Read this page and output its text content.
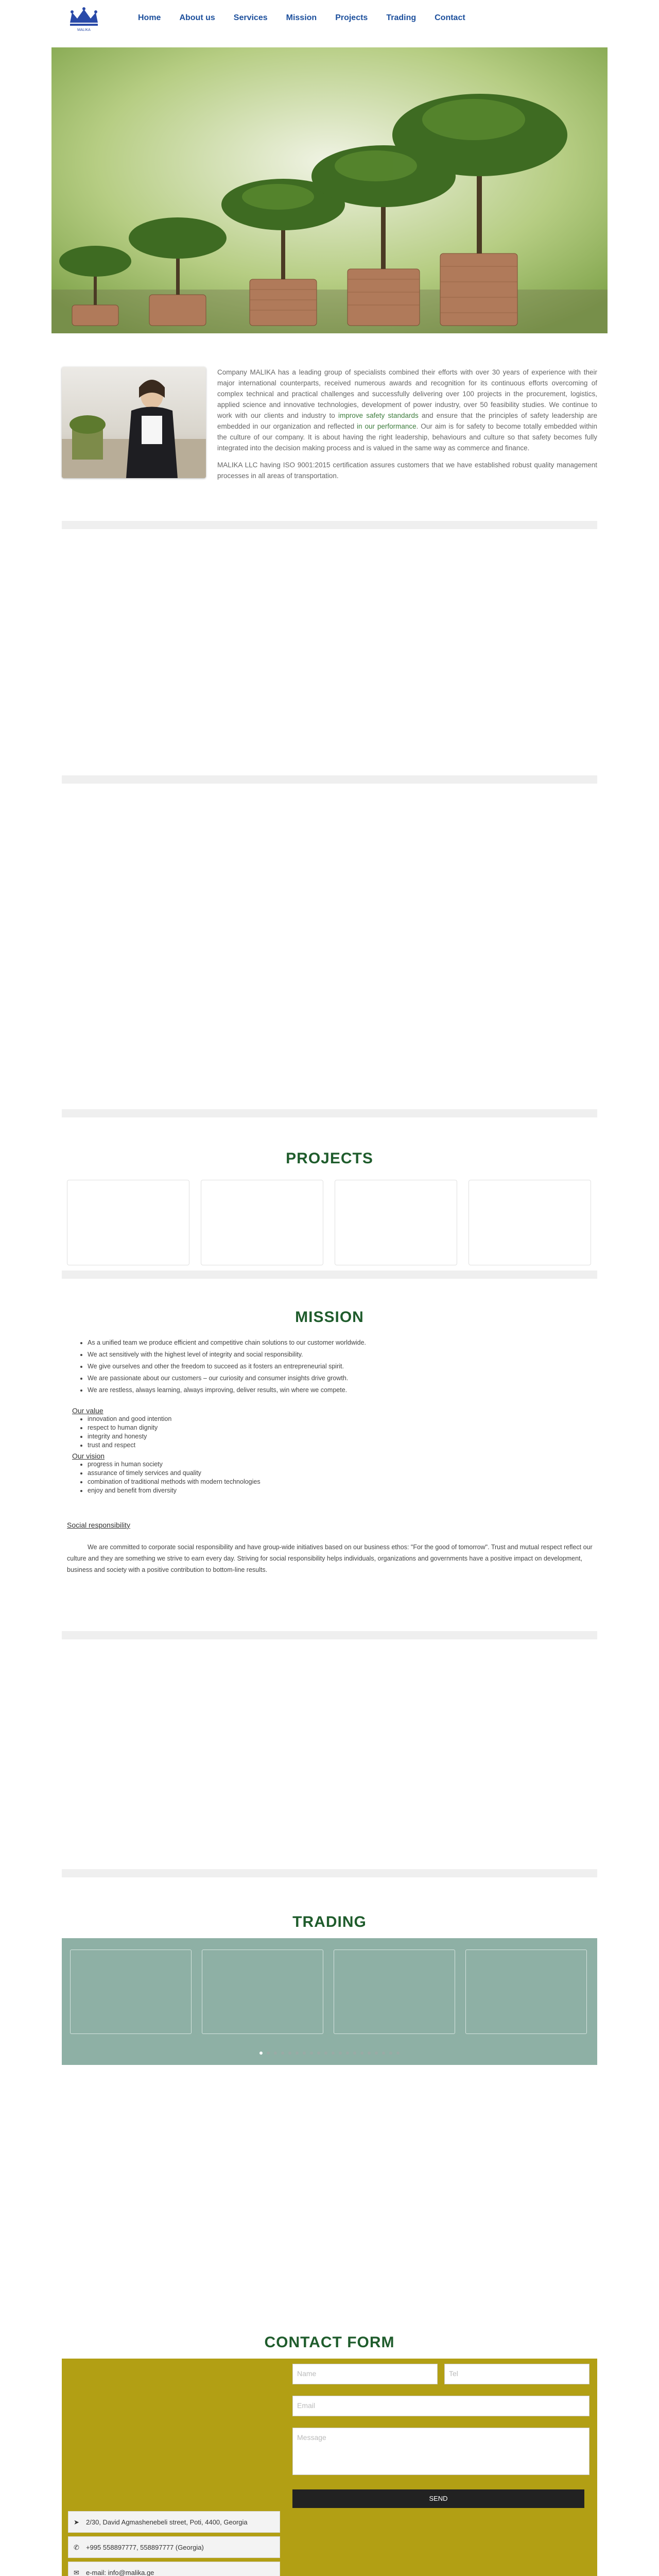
MALIKA
Home	About us	Services	Mission	Projects	Trading	Contact

Company MALIKA has a leading group of specialists combined their efforts with over 30 years of experience with their major international counterparts, received numerous awards and recognition for its continuous efforts overcoming of complex technical and practical challenges and successfully delivering over 100 projects in the procurement, logistics, applied science and innovative technologies, development of power industry, over 50 feasibility studies. We continue to work with our clients and industry to improve safety standards and ensure that the principles of safety leadership are embedded in our organization and reflected in our performance. Our aim is for safety to become totally embedded within the culture of our company. It is about having the right leadership, behaviours and culture so that safety becomes fully integrated into the decision making process and is valued in the same way as commerce and finance.

MALIKA LLC having ISO 9001:2015 certification assures customers that we have established robust quality management processes in all areas of transportation.

PROJECTS
MISSION
• As a unified team we produce efficient and competitive chain solutions to our customer worldwide.
• We act sensitively with the highest level of integrity and social responsibility.
• We give ourselves and other the freedom to succeed as it fosters an entrepreneurial spirit.
• We are passionate about our customers – our curiosity and consumer insights drive growth.
• We are restless, always learning, always improving, deliver results, win where we compete.
Our value
• innovation and good intention
• respect to human dignity
• integrity and honesty
• trust and respect
Our vision
• progress in human society
• assurance of timely services and quality
• combination of traditional methods with modern technologies
• enjoy and benefit from diversity
Social responsibility

We are committed to corporate social responsibility and have group-wide initiatives based on our business ethos: "For the good of tomorrow". Trust and mutual respect reflect our culture and they are something we strive to earn every day. Striving for social responsibility helps individuals, organizations and governments have a positive impact on development, business and society with a positive contribution to bottom-line results.

TRADING
CONTACT FORM
Name	Tel
Email
Message
SEND
➤ 2/30, David Agmashenebeli street, Poti, 4400, Georgia
✆ +995 558897777, 558897777 (Georgia)
✉ e-mail: info@malika.ge
